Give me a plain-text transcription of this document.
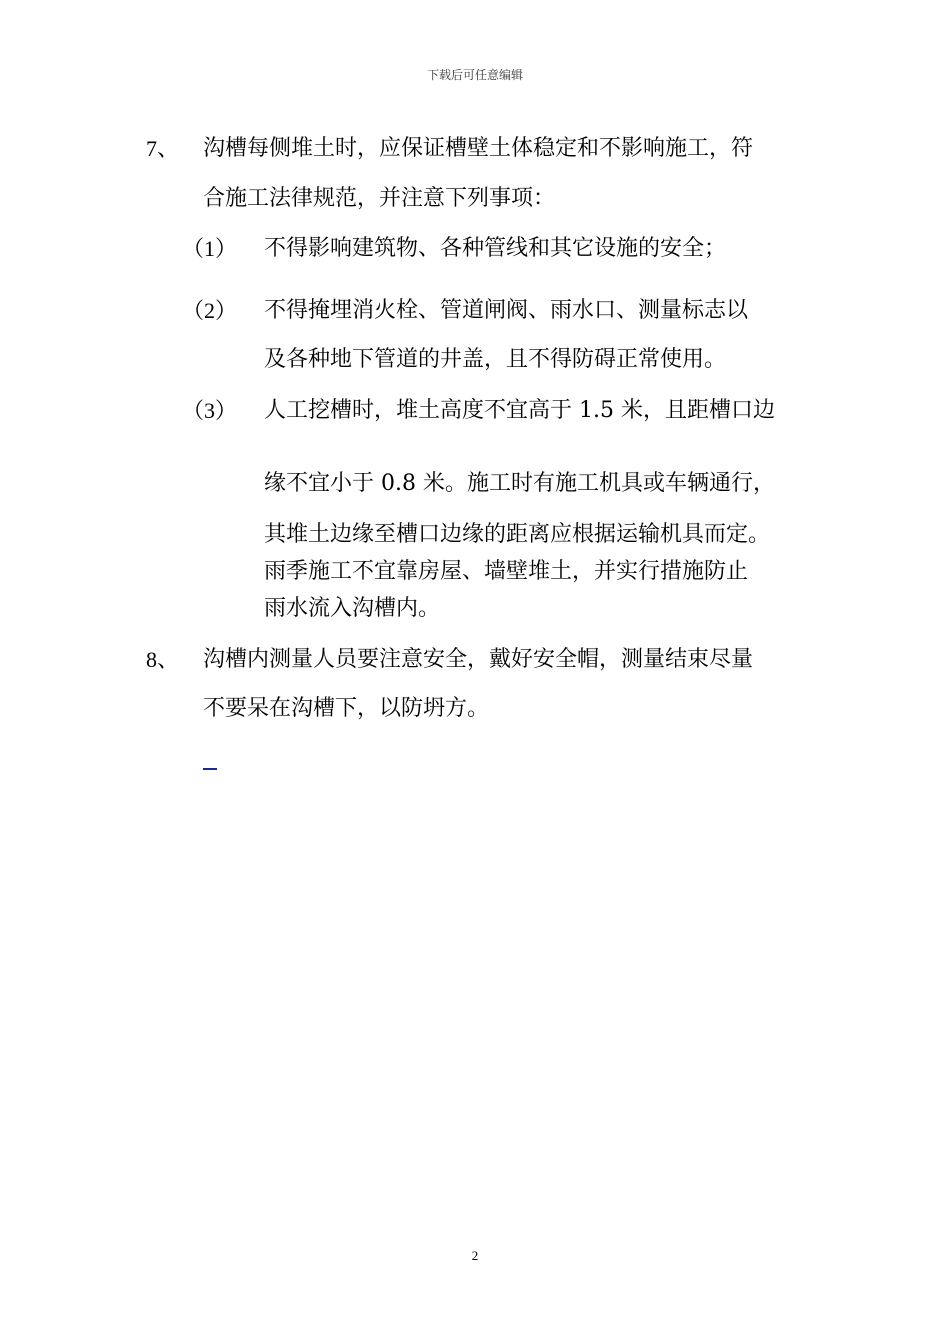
下载后可任意编辑
7、 沟槽每侧堆土时，应保证槽壁土体稳定和不影响施工，符
合施工法律规范，并注意下列事项：
（1） 不得影响建筑物、各种管线和其它设施的安全；
（2） 不得掩埋消火栓、管道闸阀、雨水口、测量标志以
及各种地下管道的井盖，且不得防碍正常使用。
（3） 人工挖槽时，堆土高度不宜高于 1.5 米，且距槽口边
缘不宜小于 0.8 米。施工时有施工机具或车辆通行，
其堆土边缘至槽口边缘的距离应根据运输机具而定。
雨季施工不宜靠房屋、墙壁堆土，并实行措施防止
雨水流入沟槽内。
8、 沟槽内测量人员要注意安全，戴好安全帽，测量结束尽量
不要呆在沟槽下，以防坍方。
2
